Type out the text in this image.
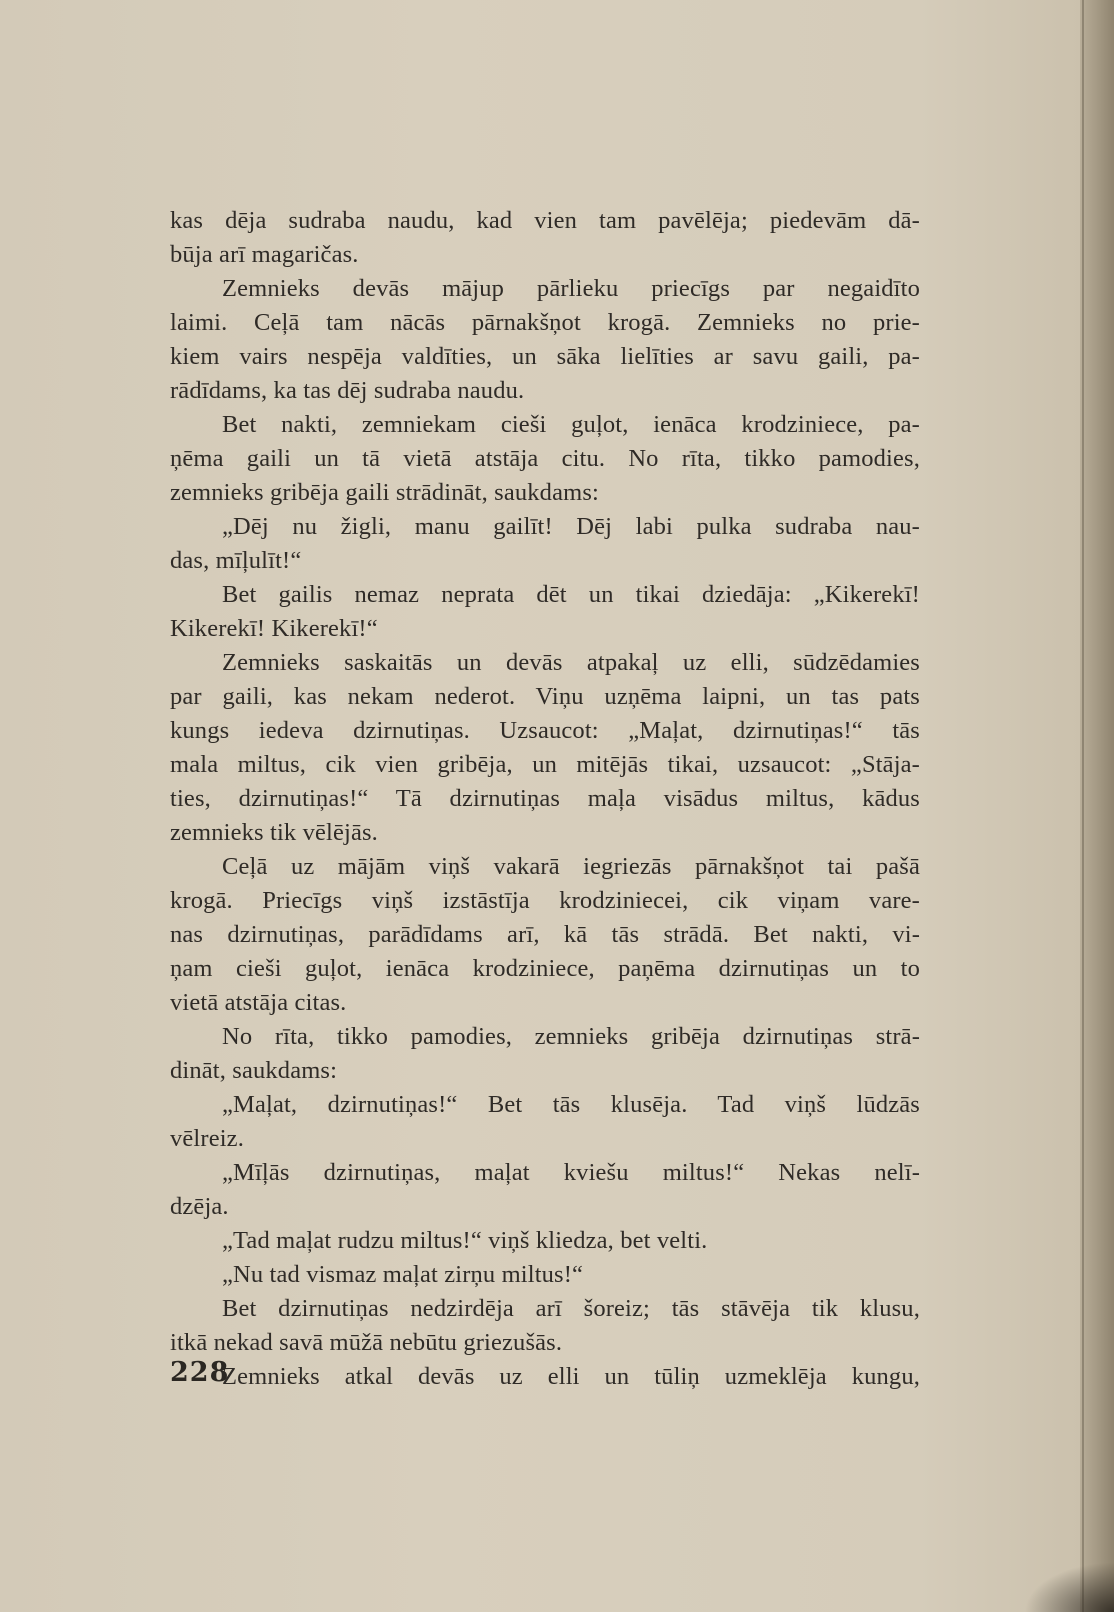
kas dēja sudraba naudu, kad vien tam pavēlēja; piedevām dā-
būja arī magaričas.
Zemnieks devās mājup pārlieku priecīgs par negaidīto
laimi. Ceļā tam nācās pārnakšņot krogā. Zemnieks no prie-
kiem vairs nespēja valdīties, un sāka lielīties ar savu gaili, pa-
rādīdams, ka tas dēj sudraba naudu.
Bet nakti, zemniekam cieši guļot, ienāca krodziniece, pa-
ņēma gaili un tā vietā atstāja citu. No rīta, tikko pamodies,
zemnieks gribēja gaili strādināt, saukdams:
„Dēj nu žigli, manu gailīt! Dēj labi pulka sudraba nau-
das, mīļulīt!“
Bet gailis nemaz neprata dēt un tikai dziedāja: „Kikerekī!
Kikerekī! Kikerekī!“
Zemnieks saskaitās un devās atpakaļ uz elli, sūdzēdamies
par gaili, kas nekam nederot. Viņu uzņēma laipni, un tas pats
kungs iedeva dzirnutiņas. Uzsaucot: „Maļat, dzirnutiņas!“ tās
mala miltus, cik vien gribēja, un mitējās tikai, uzsaucot: „Stāja-
ties, dzirnutiņas!“ Tā dzirnutiņas maļa visādus miltus, kādus
zemnieks tik vēlējās.
Ceļā uz mājām viņš vakarā iegriezās pārnakšņot tai pašā
krogā. Priecīgs viņš izstāstīja krodziniecei, cik viņam vare-
nas dzirnutiņas, parādīdams arī, kā tās strādā. Bet nakti, vi-
ņam cieši guļot, ienāca krodziniece, paņēma dzirnutiņas un to
vietā atstāja citas.
No rīta, tikko pamodies, zemnieks gribēja dzirnutiņas strā-
dināt, saukdams:
„Maļat, dzirnutiņas!“ Bet tās klusēja. Tad viņš lūdzās
vēlreiz.
„Mīļās dzirnutiņas, maļat kviešu miltus!“ Nekas nelī-
dzēja.
„Tad maļat rudzu miltus!“ viņš kliedza, bet velti.
„Nu tad vismaz maļat zirņu miltus!“
Bet dzirnutiņas nedzirdēja arī šoreiz; tās stāvēja tik klusu,
itkā nekad savā mūžā nebūtu griezušās.
Zemnieks atkal devās uz elli un tūliņ uzmeklēja kungu,
228
